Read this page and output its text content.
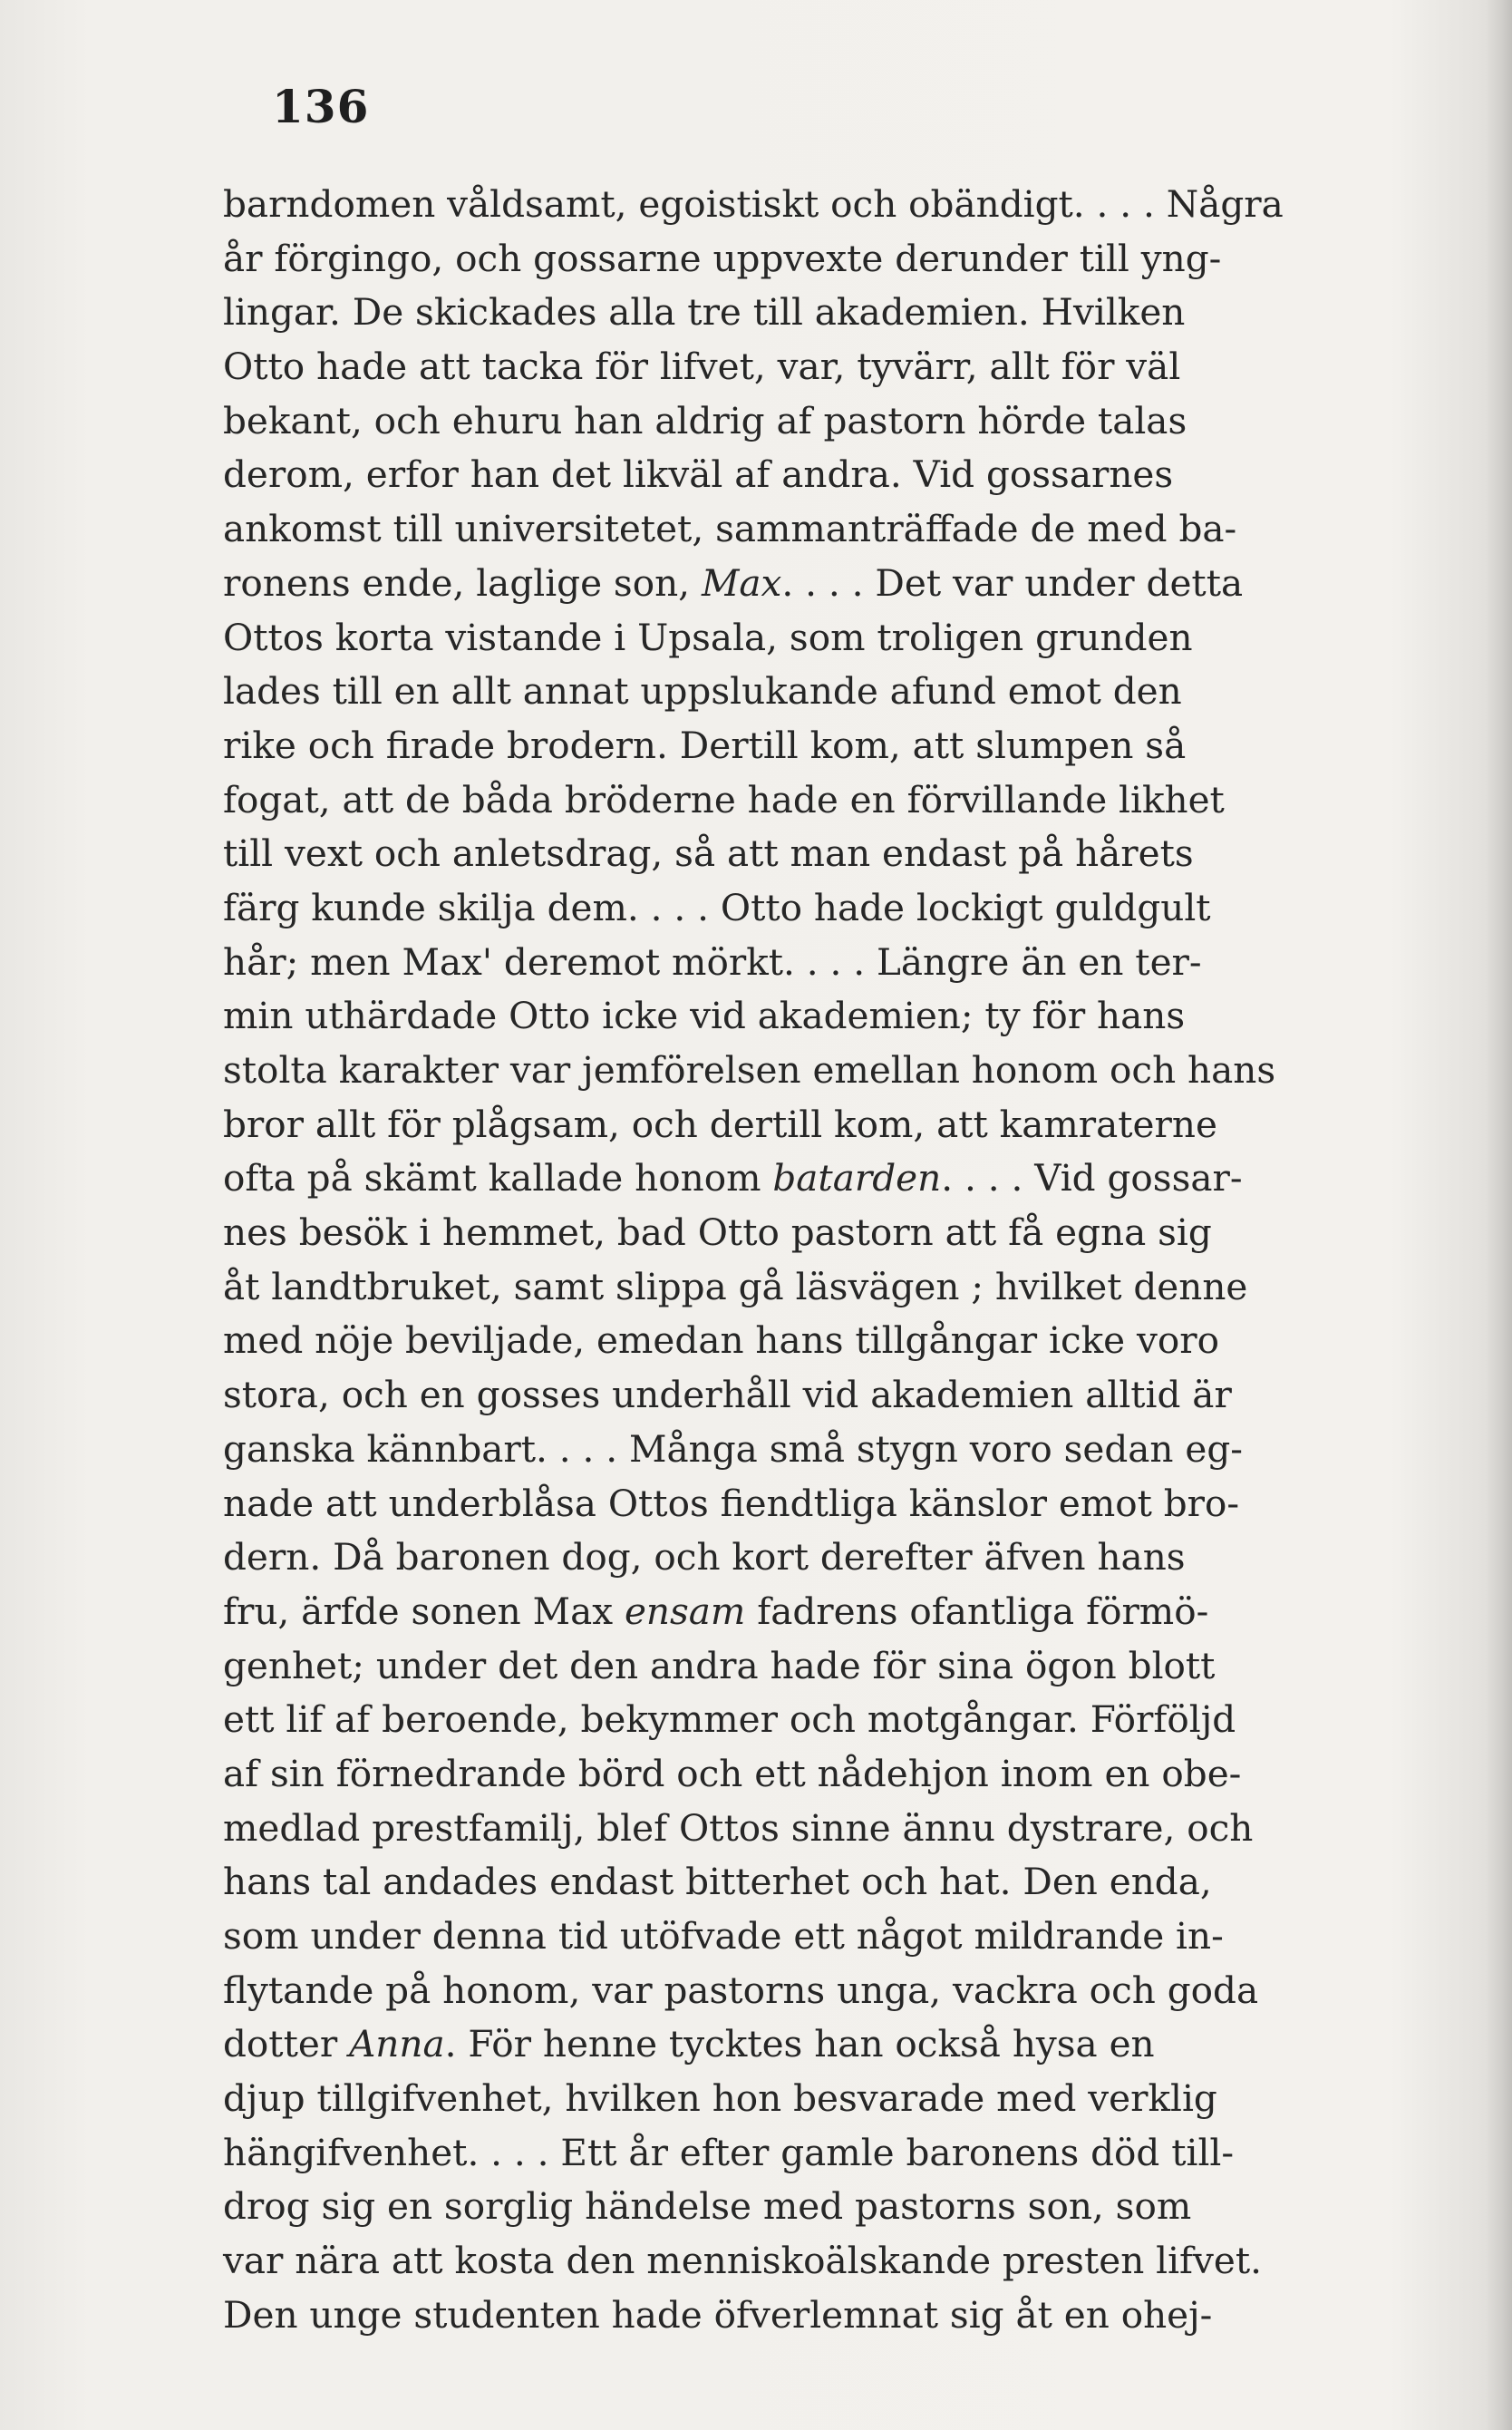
136
barndomen våldsamt, egoistiskt och obändigt. . . . Några
år förgingo, och gossarne uppvexte derunder till yng-
lingar. De skickades alla tre till akademien. Hvilken
Otto hade att tacka för lifvet, var, tyvärr, allt för väl
bekant, och ehuru han aldrig af pastorn hörde talas
derom, erfor han det likväl af andra. Vid gossarnes
ankomst till universitetet, sammanträffade de med ba-
ronens ende, laglige son, Max. . . . Det var under detta
Ottos korta vistande i Upsala, som troligen grunden
lades till en allt annat uppslukande afund emot den
rike och firade brodern. Dertill kom, att slumpen så
fogat, att de båda bröderne hade en förvillande likhet
till vext och anletsdrag, så att man endast på hårets
färg kunde skilja dem. . . . Otto hade lockigt guldgult
hår; men Max' deremot mörkt. . . . Längre än en ter-
min uthärdade Otto icke vid akademien; ty för hans
stolta karakter var jemförelsen emellan honom och hans
bror allt för plågsam, och dertill kom, att kamraterne
ofta på skämt kallade honom batarden. . . . Vid gossar-
nes besök i hemmet, bad Otto pastorn att få egna sig
åt landtbruket, samt slippa gå läsvägen ; hvilket denne
med nöje beviljade, emedan hans tillgångar icke voro
stora, och en gosses underhåll vid akademien alltid är
ganska kännbart. . . . Många små stygn voro sedan eg-
nade att underblåsa Ottos fiendtliga känslor emot bro-
dern. Då baronen dog, och kort derefter äfven hans
fru, ärfde sonen Max ensam fadrens ofantliga förmö-
genhet; under det den andra hade för sina ögon blott
ett lif af beroende, bekymmer och motgångar. Förföljd
af sin förnedrande börd och ett nådehjon inom en obe-
medlad prestfamilj, blef Ottos sinne ännu dystrare, och
hans tal andades endast bitterhet och hat. Den enda,
som under denna tid utöfvade ett något mildrande in-
flytande på honom, var pastorns unga, vackra och goda
dotter Anna. För henne tycktes han också hysa en
djup tillgifvenhet, hvilken hon besvarade med verklig
hängifvenhet. . . . Ett år efter gamle baronens död till-
drog sig en sorglig händelse med pastorns son, som
var nära att kosta den menniskoälskande presten lifvet.
Den unge studenten hade öfverlemnat sig åt en ohej-
